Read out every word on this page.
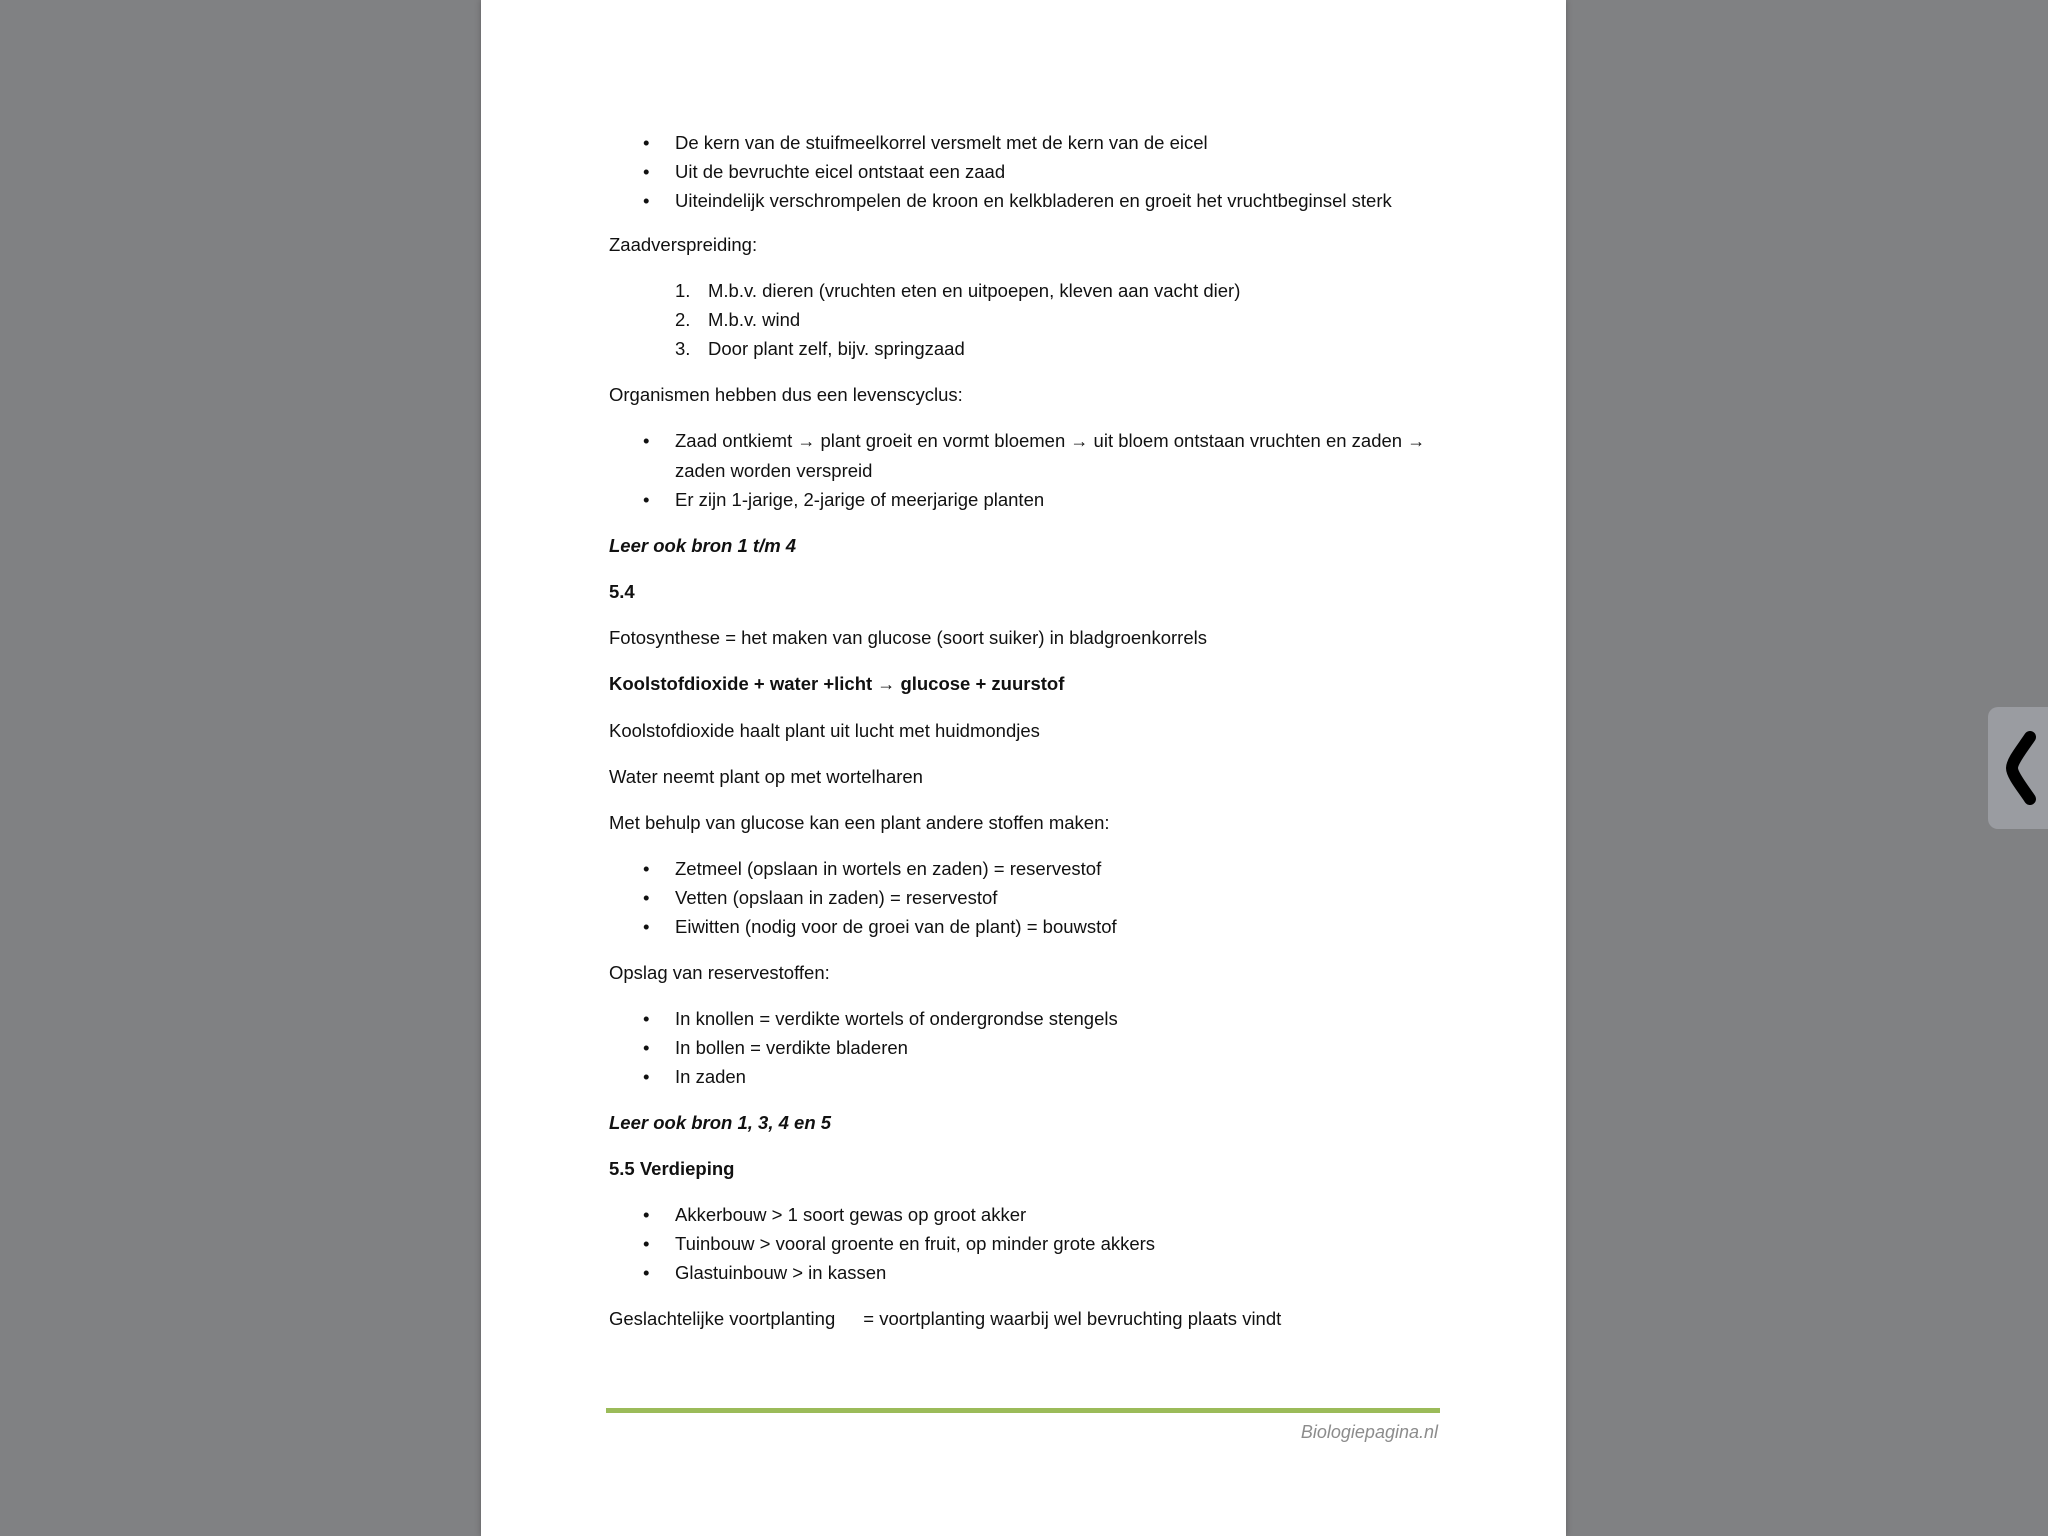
• De kern van de stuifmeelkorrel versmelt met de kern van de eicel
• Uit de bevruchte eicel ontstaat een zaad
• Uiteindelijk verschrompelen de kroon en kelkbladeren en groeit het vruchtbeginsel sterk

Zaadverspreiding:

1. M.b.v. dieren (vruchten eten en uitpoepen, kleven aan vacht dier)
2. M.b.v. wind
3. Door plant zelf, bijv. springzaad

Organismen hebben dus een levenscyclus:

• Zaad ontkiemt → plant groeit en vormt bloemen → uit bloem ontstaan vruchten en zaden →
zaden worden verspreid
• Er zijn 1-jarige, 2-jarige of meerjarige planten

Leer ook bron 1 t/m 4

5.4

Fotosynthese = het maken van glucose (soort suiker) in bladgroenkorrels

Koolstofdioxide + water +licht → glucose + zuurstof

Koolstofdioxide haalt plant uit lucht met huidmondjes

Water neemt plant op met wortelharen

Met behulp van glucose kan een plant andere stoffen maken:

• Zetmeel (opslaan in wortels en zaden) = reservestof
• Vetten (opslaan in zaden) = reservestof
• Eiwitten (nodig voor de groei van de plant) = bouwstof

Opslag van reservestoffen:

• In knollen = verdikte wortels of ondergrondse stengels
• In bollen = verdikte bladeren
• In zaden

Leer ook bron 1, 3, 4 en 5

5.5 Verdieping

• Akkerbouw > 1 soort gewas op groot akker
• Tuinbouw > vooral groente en fruit, op minder grote akkers
• Glastuinbouw > in kassen

Geslachtelijke voortplanting = voortplanting waarbij wel bevruchting plaats vindt

Biologiepagina.nl
